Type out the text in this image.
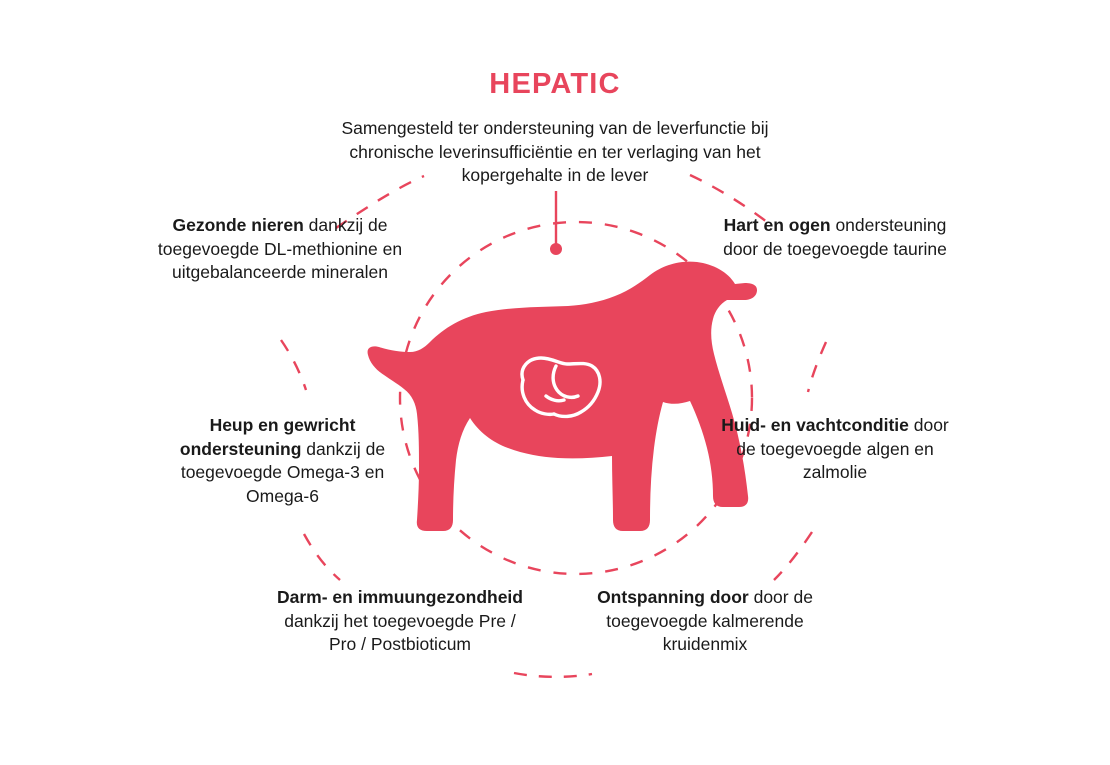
HEPATIC
Samengesteld ter ondersteuning van de leverfunctie bij chronische leverinsufficiëntie en ter verlaging van het kopergehalte in de lever
Gezonde nieren dankzij de toegevoegde DL-methionine en uitgebalanceerde mineralen
Heup en gewricht ondersteuning dankzij de toegevoegde Omega-3 en Omega-6
Darm- en immuungezondheid dankzij het toegevoegde Pre / Pro / Postbioticum
Ontspanning door door de toegevoegde kalmerende kruidenmix
Huid- en vachtconditie door de toegevoegde algen en zalmolie
Hart en ogen ondersteuning door de toegevoegde taurine
